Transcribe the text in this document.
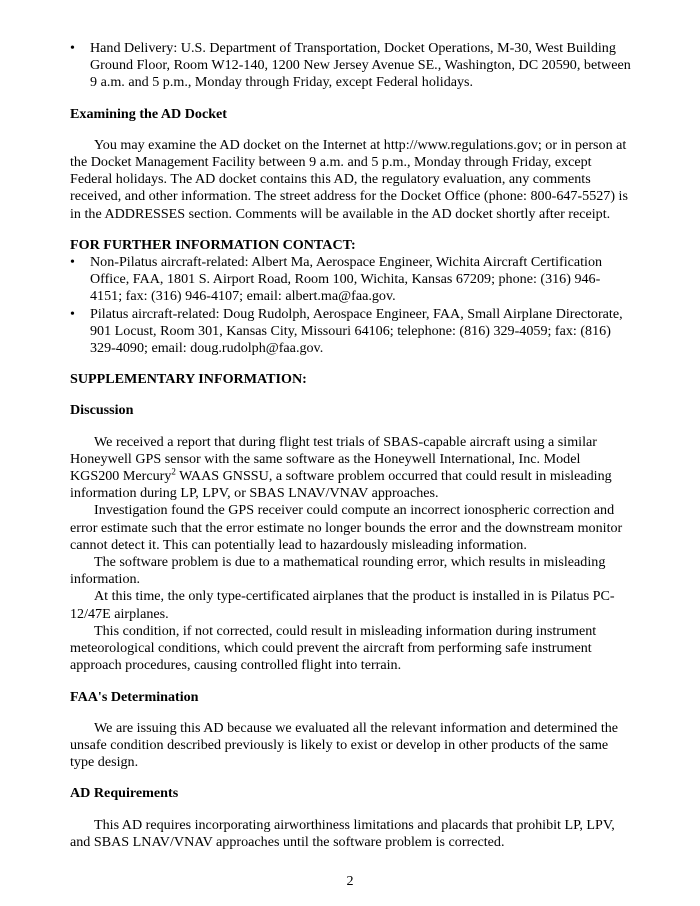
• Hand Delivery: U.S. Department of Transportation, Docket Operations, M-30, West Building Ground Floor, Room W12-140, 1200 New Jersey Avenue SE., Washington, DC 20590, between 9 a.m. and 5 p.m., Monday through Friday, except Federal holidays.

Examining the AD Docket

You may examine the AD docket on the Internet at http://www.regulations.gov; or in person at the Docket Management Facility between 9 a.m. and 5 p.m., Monday through Friday, except Federal holidays. The AD docket contains this AD, the regulatory evaluation, any comments received, and other information. The street address for the Docket Office (phone: 800-647-5527) is in the ADDRESSES section. Comments will be available in the AD docket shortly after receipt.

FOR FURTHER INFORMATION CONTACT:

• Non-Pilatus aircraft-related: Albert Ma, Aerospace Engineer, Wichita Aircraft Certification Office, FAA, 1801 S. Airport Road, Room 100, Wichita, Kansas 67209; phone: (316) 946-4151; fax: (316) 946-4107; email: albert.ma@faa.gov.

• Pilatus aircraft-related: Doug Rudolph, Aerospace Engineer, FAA, Small Airplane Directorate, 901 Locust, Room 301, Kansas City, Missouri 64106; telephone: (816) 329-4059; fax: (816) 329-4090; email: doug.rudolph@faa.gov.

SUPPLEMENTARY INFORMATION:

Discussion

We received a report that during flight test trials of SBAS-capable aircraft using a similar Honeywell GPS sensor with the same software as the Honeywell International, Inc. Model KGS200 Mercury$^2$ WAAS GNSSU, a software problem occurred that could result in misleading information during LP, LPV, or SBAS LNAV/VNAV approaches.

Investigation found the GPS receiver could compute an incorrect ionospheric correction and error estimate such that the error estimate no longer bounds the error and the downstream monitor cannot detect it. This can potentially lead to hazardously misleading information.

The software problem is due to a mathematical rounding error, which results in misleading information.

At this time, the only type-certificated airplanes that the product is installed in is Pilatus PC-12/47E airplanes.

This condition, if not corrected, could result in misleading information during instrument meteorological conditions, which could prevent the aircraft from performing safe instrument approach procedures, causing controlled flight into terrain.

FAA's Determination

We are issuing this AD because we evaluated all the relevant information and determined the unsafe condition described previously is likely to exist or develop in other products of the same type design.

AD Requirements

This AD requires incorporating airworthiness limitations and placards that prohibit LP, LPV, and SBAS LNAV/VNAV approaches until the software problem is corrected.

2
